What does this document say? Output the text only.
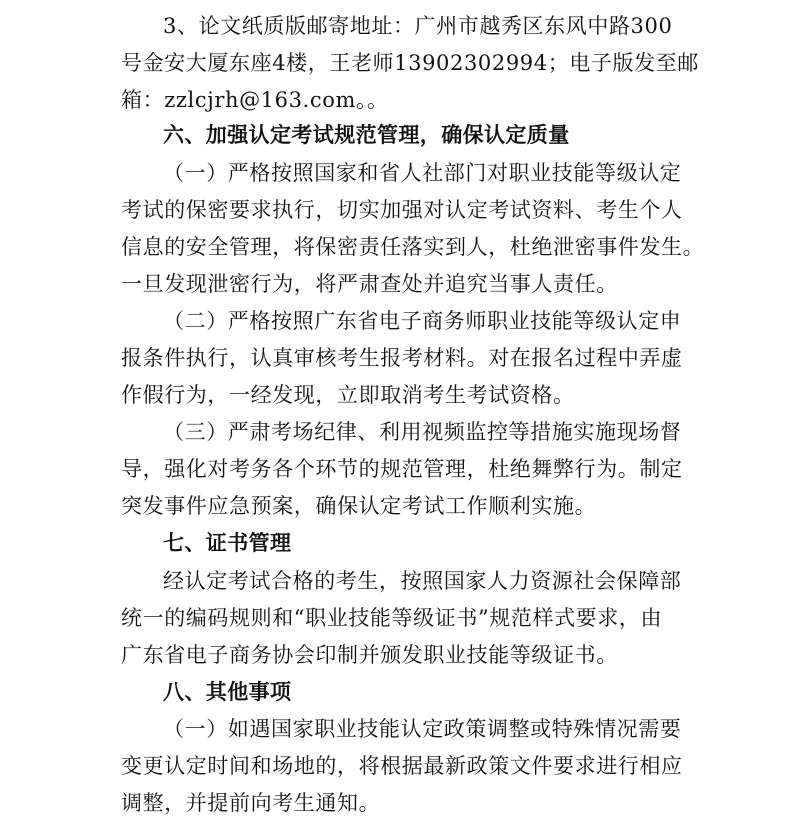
3、论文纸质版邮寄地址：广州市越秀区东风中路300
号金安大厦东座4楼，王老师13902302994；电子版发至邮
箱：zzlcjrh@163.com。。
六、加强认定考试规范管理，确保认定质量
（一）严格按照国家和省人社部门对职业技能等级认定
考试的保密要求执行，切实加强对认定考试资料、考生个人
信息的安全管理，将保密责任落实到人，杜绝泄密事件发生。
一旦发现泄密行为，将严肃查处并追究当事人责任。
（二）严格按照广东省电子商务师职业技能等级认定申
报条件执行，认真审核考生报考材料。对在报名过程中弄虚
作假行为，一经发现，立即取消考生考试资格。
（三）严肃考场纪律、利用视频监控等措施实施现场督
导，强化对考务各个环节的规范管理，杜绝舞弊行为。制定
突发事件应急预案，确保认定考试工作顺利实施。
七、证书管理
经认定考试合格的考生，按照国家人力资源社会保障部
统一的编码规则和“职业技能等级证书”规范样式要求，由
广东省电子商务协会印制并颁发职业技能等级证书。
八、其他事项
（一）如遇国家职业技能认定政策调整或特殊情况需要
变更认定时间和场地的，将根据最新政策文件要求进行相应
调整，并提前向考生通知。
